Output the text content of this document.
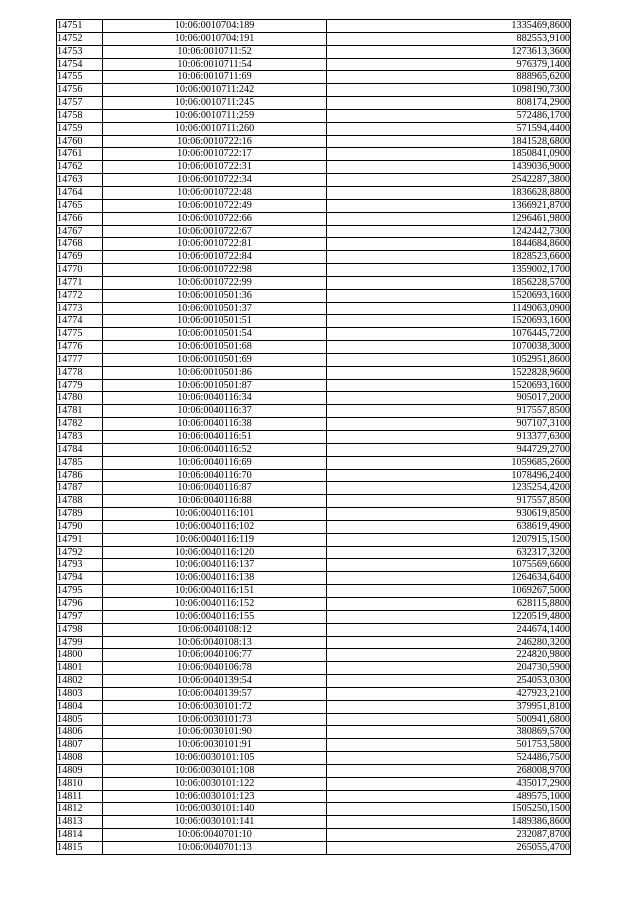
14751	10:06:0010704:189	1335469,8600
14752	10:06:0010704:191	882553,9100
14753	10:06:0010711:52	1273613,3600
14754	10:06:0010711:54	976379,1400
14755	10:06:0010711:69	888965,6200
14756	10:06:0010711:242	1098190,7300
14757	10:06:0010711:245	808174,2900
14758	10:06:0010711:259	572486,1700
14759	10:06:0010711:260	571594,4400
14760	10:06:0010722:16	1841528,6800
14761	10:06:0010722:17	1850841,0900
14762	10:06:0010722:31	1439036,9000
14763	10:06:0010722:34	2542287,3800
14764	10:06:0010722:48	1836628,8800
14765	10:06:0010722:49	1366921,8700
14766	10:06:0010722:66	1296461,9800
14767	10:06:0010722:67	1242442,7300
14768	10:06:0010722:81	1844684,8600
14769	10:06:0010722:84	1828523,6600
14770	10:06:0010722:98	1359002,1700
14771	10:06:0010722:99	1856228,5700
14772	10:06:0010501:36	1520693,1600
14773	10:06:0010501:37	1149063,0900
14774	10:06:0010501:51	1520693,1600
14775	10:06:0010501:54	1076445,7200
14776	10:06:0010501:68	1070038,3000
14777	10:06:0010501:69	1052951,8600
14778	10:06:0010501:86	1522828,9600
14779	10:06:0010501:87	1520693,1600
14780	10:06:0040116:34	905017,2000
14781	10:06:0040116:37	917557,8500
14782	10:06:0040116:38	907107,3100
14783	10:06:0040116:51	913377,6300
14784	10:06:0040116:52	944729,2700
14785	10:06:0040116:69	1059685,2600
14786	10:06:0040116:70	1078496,2400
14787	10:06:0040116:87	1235254,4200
14788	10:06:0040116:88	917557,8500
14789	10:06:0040116:101	930619,8500
14790	10:06:0040116:102	638619,4900
14791	10:06:0040116:119	1207915,1500
14792	10:06:0040116:120	632317,3200
14793	10:06:0040116:137	1075569,6600
14794	10:06:0040116:138	1264634,6400
14795	10:06:0040116:151	1069267,5000
14796	10:06:0040116:152	628115,8800
14797	10:06:0040116:155	1220519,4800
14798	10:06:0040108:12	244674,1400
14799	10:06:0040108:13	246280,3200
14800	10:06:0040106:77	224820,9800
14801	10:06:0040106:78	204730,5900
14802	10:06:0040139:54	254053,0300
14803	10:06:0040139:57	427923,2100
14804	10:06:0030101:72	379951,8100
14805	10:06:0030101:73	500941,6800
14806	10:06:0030101:90	380869,5700
14807	10:06:0030101:91	501753,5800
14808	10:06:0030101:105	524486,7500
14809	10:06:0030101:108	268008,9700
14810	10:06:0030101:122	435017,2900
14811	10:06:0030101:123	489575,1000
14812	10:06:0030101:140	1505250,1500
14813	10:06:0030101:141	1489386,8600
14814	10:06:0040701:10	232087,8700
14815	10:06:0040701:13	265055,4700
